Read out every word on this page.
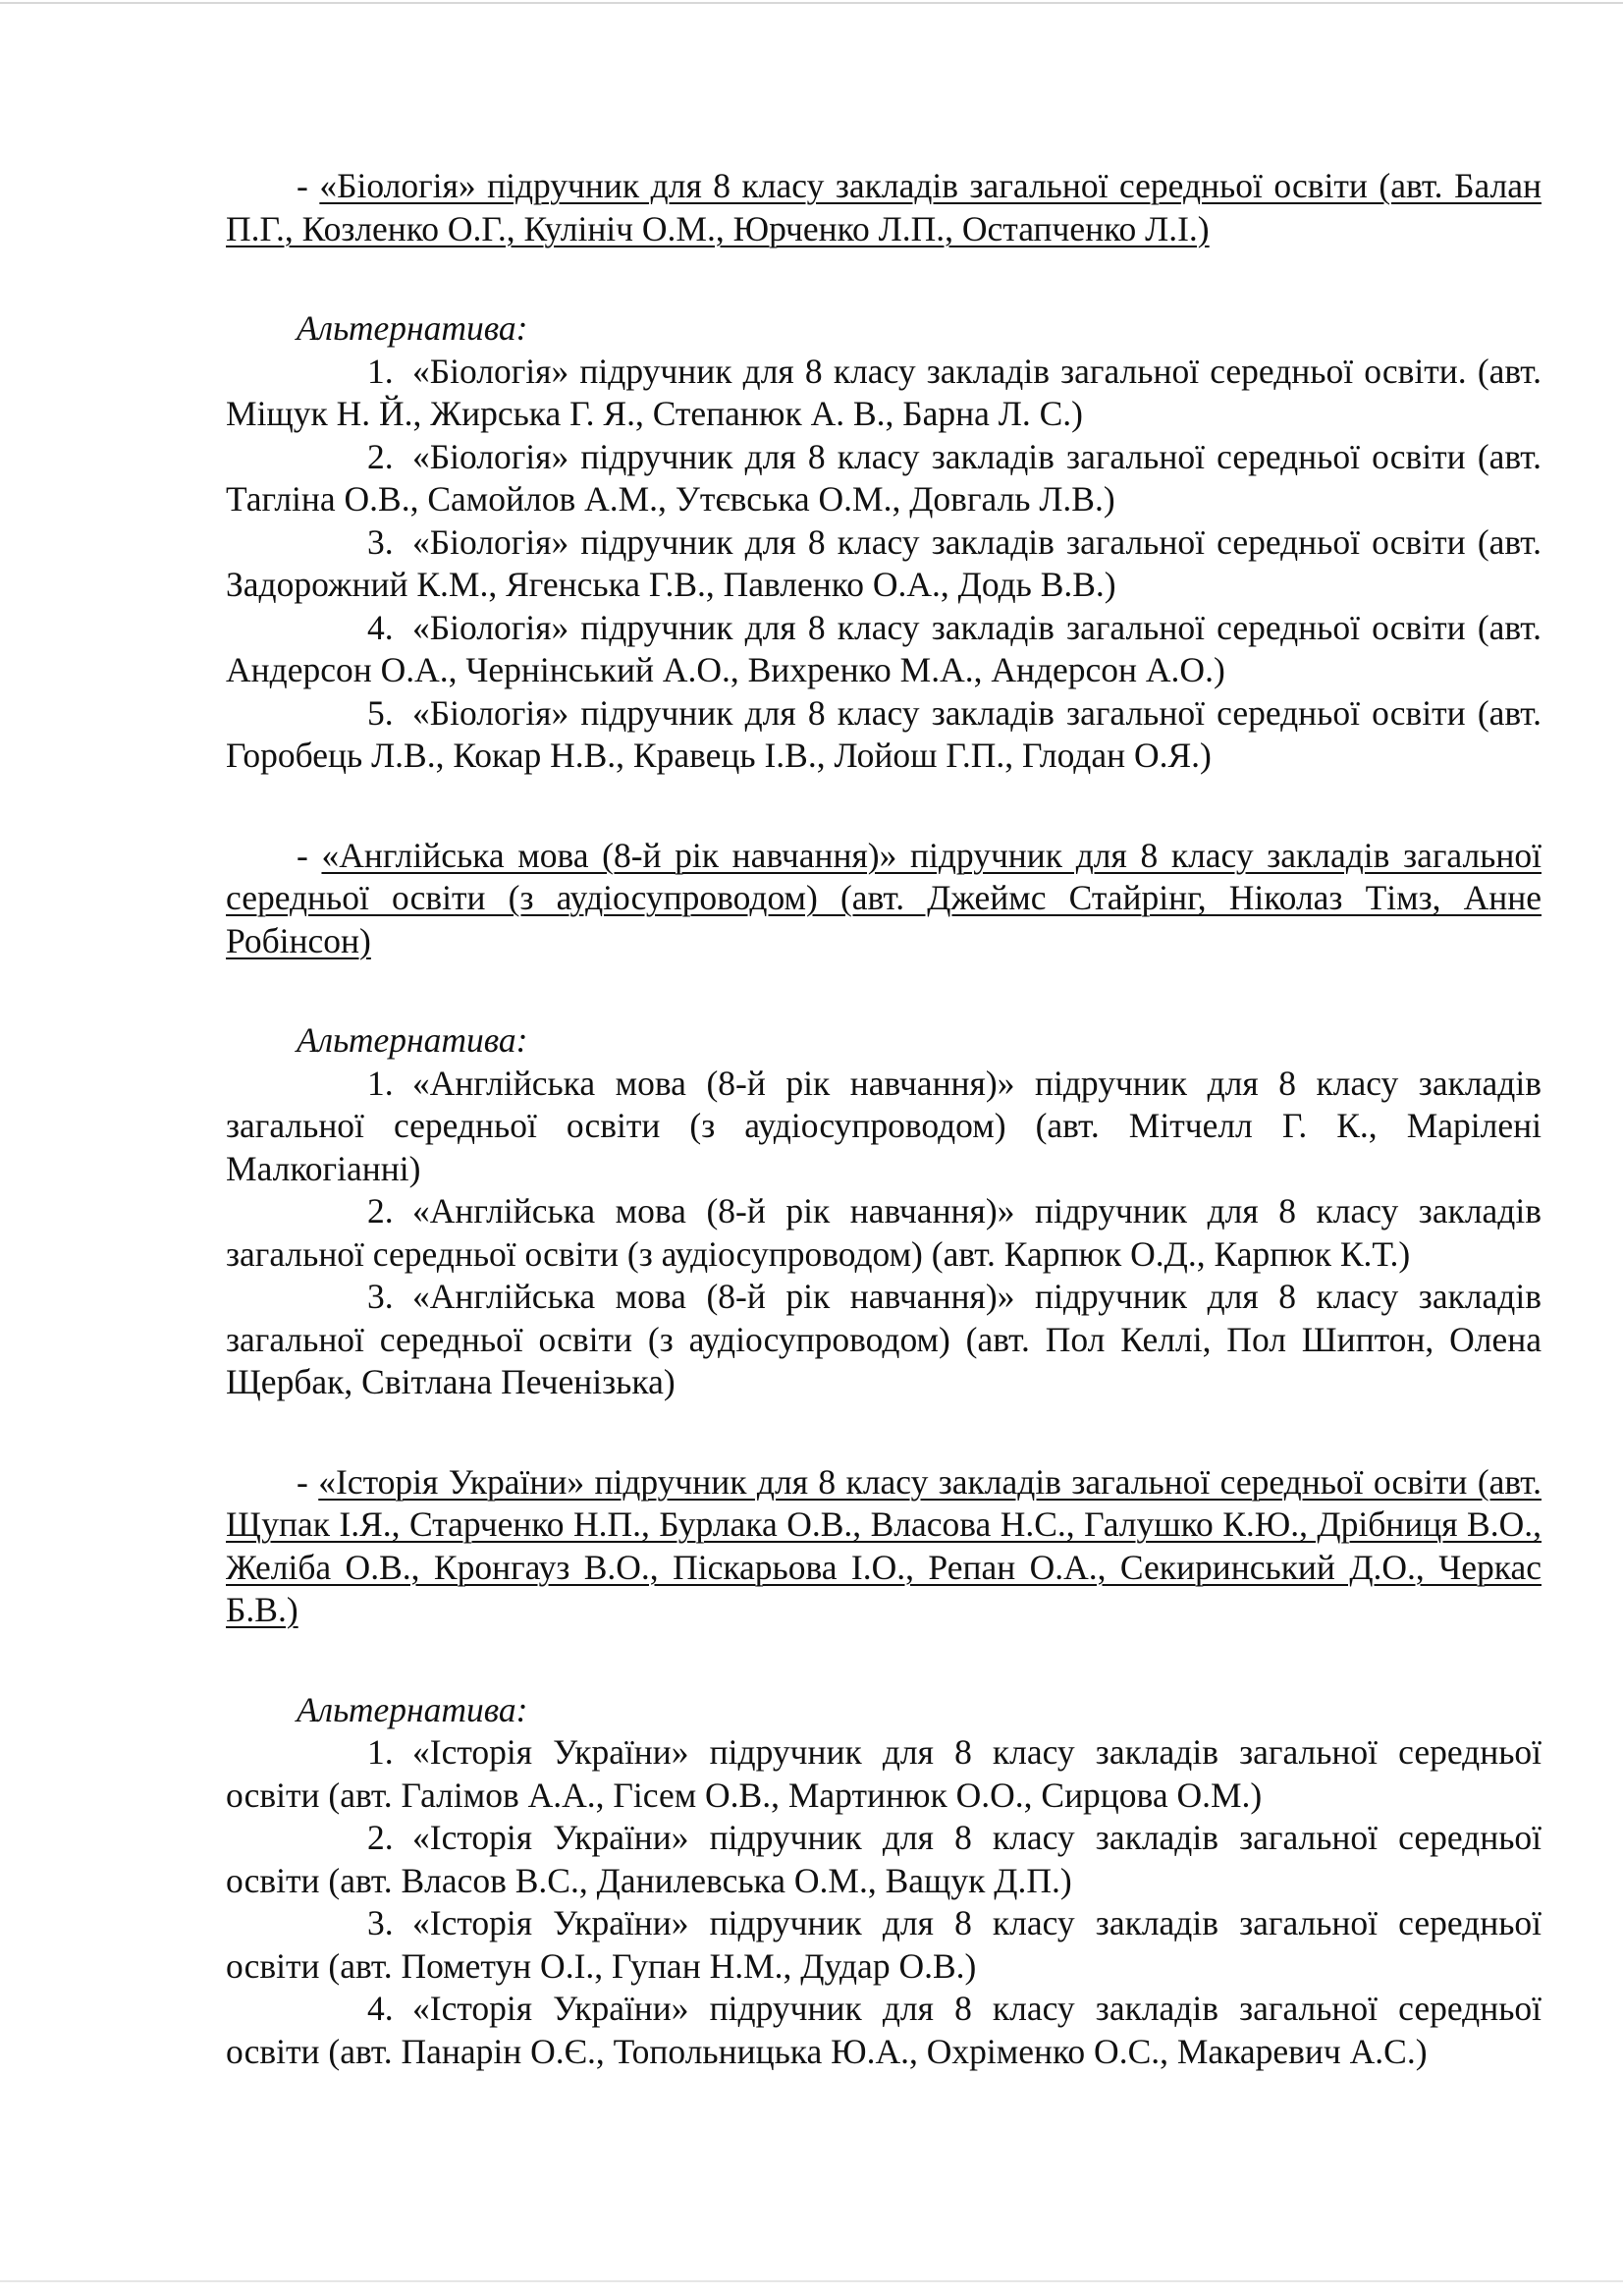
- «Біологія» підручник для 8 класу закладів загальної середньої освіти (авт. Балан П.Г., Козленко О.Г., Кулініч О.М., Юрченко Л.П., Остапченко Л.І.)

Альтернатива:

1. «Біологія» підручник для 8 класу закладів загальної середньої освіти. (авт. Міщук Н. Й., Жирська Г. Я., Степанюк А. В., Барна Л. С.)
2. «Біологія» підручник для 8 класу закладів загальної середньої освіти (авт. Тагліна О.В., Самойлов А.М., Утєвська О.М., Довгаль Л.В.)
3. «Біологія» підручник для 8 класу закладів загальної середньої освіти (авт. Задорожний К.М., Ягенська Г.В., Павленко О.А., Додь В.В.)
4. «Біологія» підручник для 8 класу закладів загальної середньої освіти (авт. Андерсон О.А., Чернінський А.О., Вихренко М.А., Андерсон А.О.)
5. «Біологія» підручник для 8 класу закладів загальної середньої освіти (авт. Горобець Л.В., Кокар Н.В., Кравець І.В., Лойош Г.П., Глодан О.Я.)

- «Англійська мова (8-й рік навчання)» підручник для 8 класу закладів загальної середньої освіти (з аудіосупроводом) (авт. Джеймс Стайрінг, Ніколаз Тімз, Анне Робінсон)

Альтернатива:

1. «Англійська мова (8-й рік навчання)» підручник для 8 класу закладів загальної середньої освіти (з аудіосупроводом) (авт. Мітчелл Г. К., Марілені Малкогіанні)
2. «Англійська мова (8-й рік навчання)» підручник для 8 класу закладів загальної середньої освіти (з аудіосупроводом) (авт. Карпюк О.Д., Карпюк К.Т.)
3. «Англійська мова (8-й рік навчання)» підручник для 8 класу закладів загальної середньої освіти (з аудіосупроводом) (авт. Пол Келлі, Пол Шиптон, Олена Щербак, Світлана Печенізька)

- «Історія України» підручник для 8 класу закладів загальної середньої освіти (авт. Щупак І.Я., Старченко Н.П., Бурлака О.В., Власова Н.С., Галушко К.Ю., Дрібниця В.О., Желіба О.В., Кронгауз В.О., Піскарьова І.О., Репан О.А., Секиринський Д.О., Черкас Б.В.)

Альтернатива:

1. «Історія України» підручник для 8 класу закладів загальної середньої освіти (авт. Галімов А.А., Гісем О.В., Мартинюк О.О., Сирцова О.М.)
2. «Історія України» підручник для 8 класу закладів загальної середньої освіти (авт. Власов В.С., Данилевська О.М., Ващук Д.П.)
3. «Історія України» підручник для 8 класу закладів загальної середньої освіти (авт. Пометун О.І., Гупан Н.М., Дудар О.В.)
4. «Історія України» підручник для 8 класу закладів загальної середньої освіти (авт. Панарін О.Є., Топольницька Ю.А., Охріменко О.С., Макаревич А.С.)
